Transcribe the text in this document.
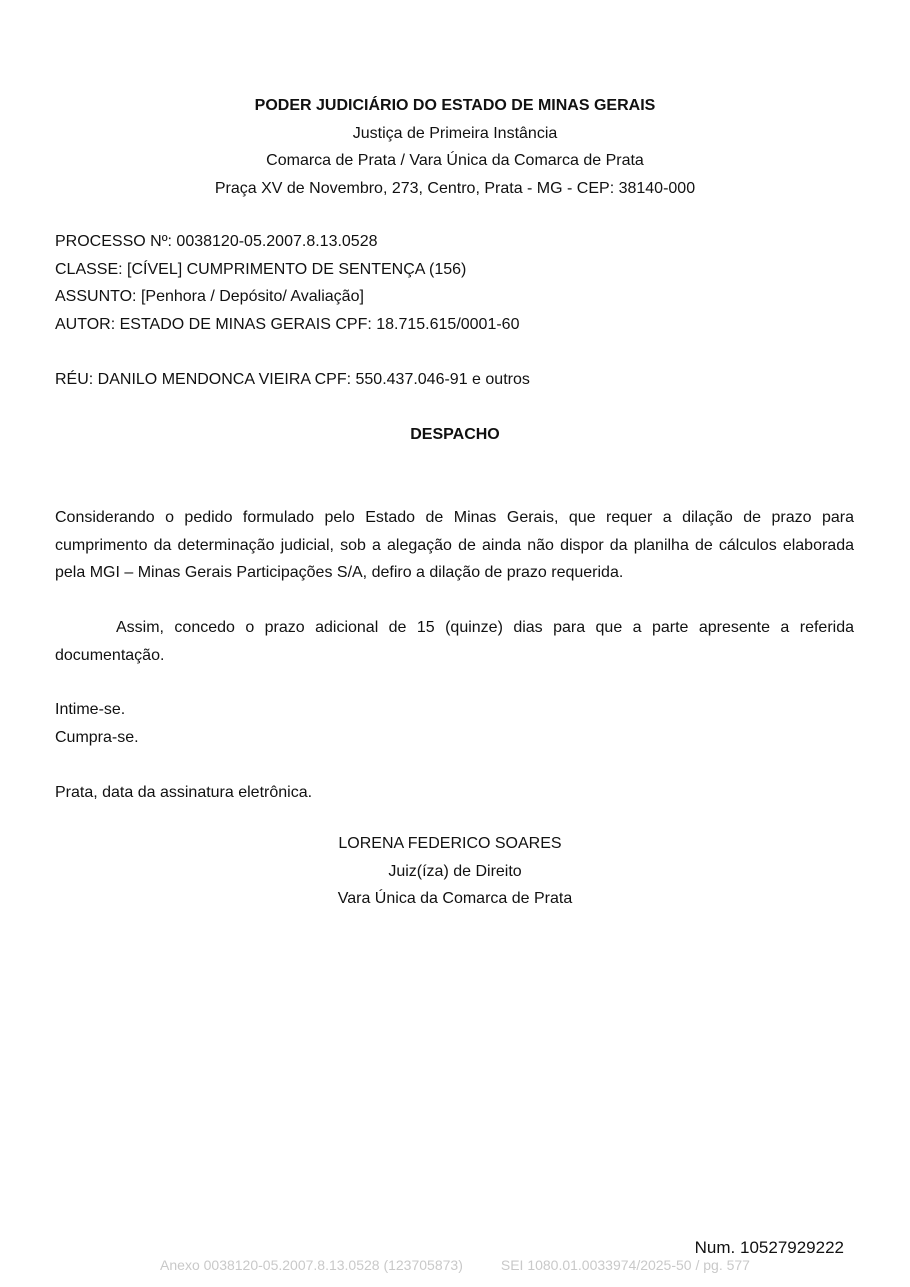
PODER JUDICIÁRIO DO ESTADO DE MINAS GERAIS
Justiça de Primeira Instância
Comarca de Prata / Vara Única da Comarca de Prata
Praça XV de Novembro, 273, Centro, Prata - MG - CEP: 38140-000
PROCESSO Nº: 0038120-05.2007.8.13.0528
CLASSE: [CÍVEL] CUMPRIMENTO DE SENTENÇA (156)
ASSUNTO: [Penhora / Depósito/ Avaliação]
AUTOR: ESTADO DE MINAS GERAIS CPF: 18.715.615/0001-60
RÉU: DANILO MENDONCA VIEIRA CPF: 550.437.046-91 e outros
DESPACHO
Considerando o pedido formulado pelo Estado de Minas Gerais, que requer a dilação de prazo para cumprimento da determinação judicial, sob a alegação de ainda não dispor da planilha de cálculos elaborada pela MGI – Minas Gerais Participações S/A, defiro a dilação de prazo requerida.
Assim, concedo o prazo adicional de 15 (quinze) dias para que a parte apresente a referida documentação.
Intime-se.
Cumpra-se.
Prata, data da assinatura eletrônica.
LORENA FEDERICO SOARES
Juiz(íza) de Direito
Vara Única da Comarca de Prata
Num. 10527929222
Anexo 0038120-05.2007.8.13.0528 (123705873)	SEI 1080.01.0033974/2025-50 / pg. 577
